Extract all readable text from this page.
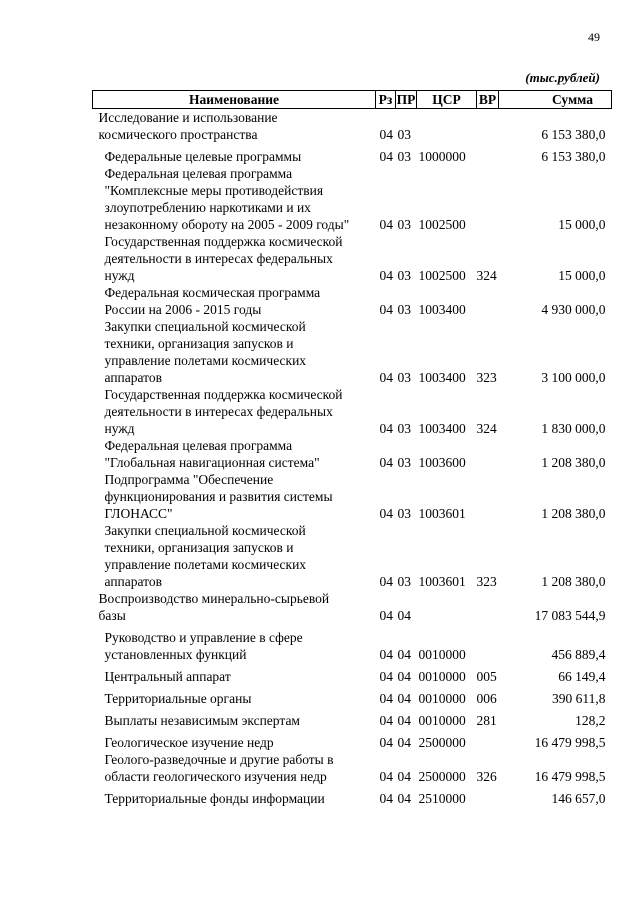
49
(тыс.рублей)
Наименование	Рз	ПР	ЦСР	ВР	Сумма
Исследование и использование
космического пространства	04	03			6 153 380,0
Федеральные целевые программы	04	03	1000000		6 153 380,0
Федеральная целевая программа
"Комплексные меры противодействия
злоупотреблению наркотиками и их
незаконному обороту на 2005 - 2009 годы"	04	03	1002500		15 000,0
Государственная поддержка космической
деятельности в интересах федеральных
нужд	04	03	1002500	324	15 000,0
Федеральная космическая программа
России на 2006 - 2015 годы	04	03	1003400		4 930 000,0
Закупки специальной космической
техники, организация запусков и
управление полетами космических
аппаратов	04	03	1003400	323	3 100 000,0
Государственная поддержка космической
деятельности в интересах федеральных
нужд	04	03	1003400	324	1 830 000,0
Федеральная целевая программа
"Глобальная навигационная система"	04	03	1003600		1 208 380,0
Подпрограмма "Обеспечение
функционирования и развития системы
ГЛОНАСС"	04	03	1003601		1 208 380,0
Закупки специальной космической
техники, организация запусков и
управление полетами космических
аппаратов	04	03	1003601	323	1 208 380,0
Воспроизводство минерально-сырьевой
базы	04	04			17 083 544,9
Руководство и управление в сфере
установленных функций	04	04	0010000		456 889,4
Центральный аппарат	04	04	0010000	005	66 149,4
Территориальные органы	04	04	0010000	006	390 611,8
Выплаты независимым экспертам	04	04	0010000	281	128,2
Геологическое изучение недр	04	04	2500000		16 479 998,5
Геолого-разведочные и другие работы в
области геологического изучения недр	04	04	2500000	326	16 479 998,5
Территориальные фонды информации	04	04	2510000		146 657,0
